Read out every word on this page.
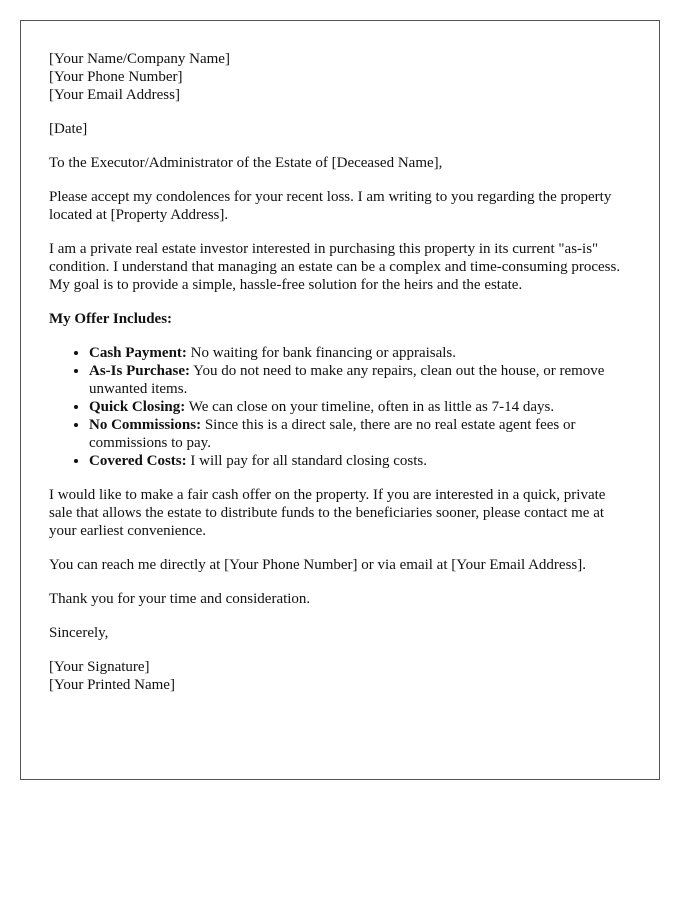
[Your Name/Company Name]
[Your Phone Number]
[Your Email Address]

[Date]

To the Executor/Administrator of the Estate of [Deceased Name],

Please accept my condolences for your recent loss. I am writing to you regarding the property located at [Property Address].

I am a private real estate investor interested in purchasing this property in its current "as-is" condition. I understand that managing an estate can be a complex and time-consuming process. My goal is to provide a simple, hassle-free solution for the heirs and the estate.

My Offer Includes:

• Cash Payment: No waiting for bank financing or appraisals.
• As-Is Purchase: You do not need to make any repairs, clean out the house, or remove unwanted items.
• Quick Closing: We can close on your timeline, often in as little as 7-14 days.
• No Commissions: Since this is a direct sale, there are no real estate agent fees or commissions to pay.
• Covered Costs: I will pay for all standard closing costs.

I would like to make a fair cash offer on the property. If you are interested in a quick, private sale that allows the estate to distribute funds to the beneficiaries sooner, please contact me at your earliest convenience.

You can reach me directly at [Your Phone Number] or via email at [Your Email Address].

Thank you for your time and consideration.

Sincerely,

[Your Signature]
[Your Printed Name]
